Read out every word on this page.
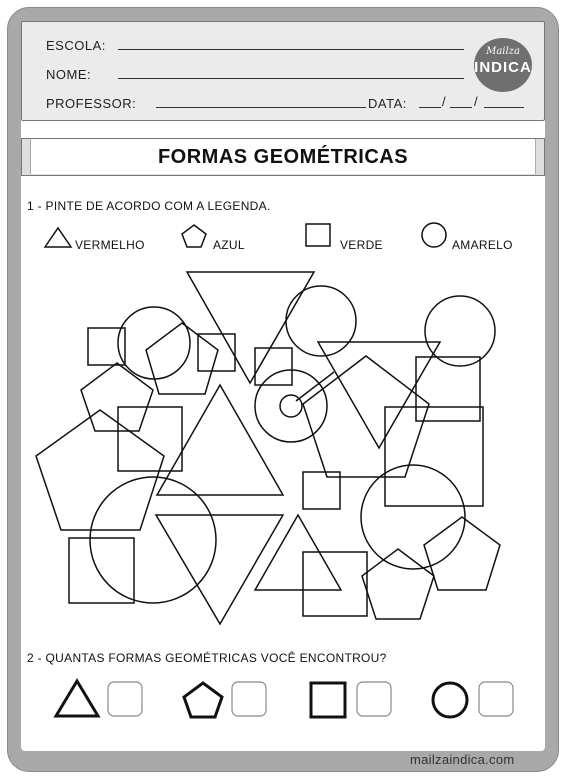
ESCOLA:
NOME:
PROFESSOR:	DATA:	/ /
Mailza
INDICA
FORMAS GEOMÉTRICAS
1 - PINTE DE ACORDO COM A LEGENDA.
VERMELHO	AZUL	VERDE	AMARELO
2 - QUANTAS FORMAS GEOMÉTRICAS VOCÊ ENCONTROU?
mailzaindica.com
